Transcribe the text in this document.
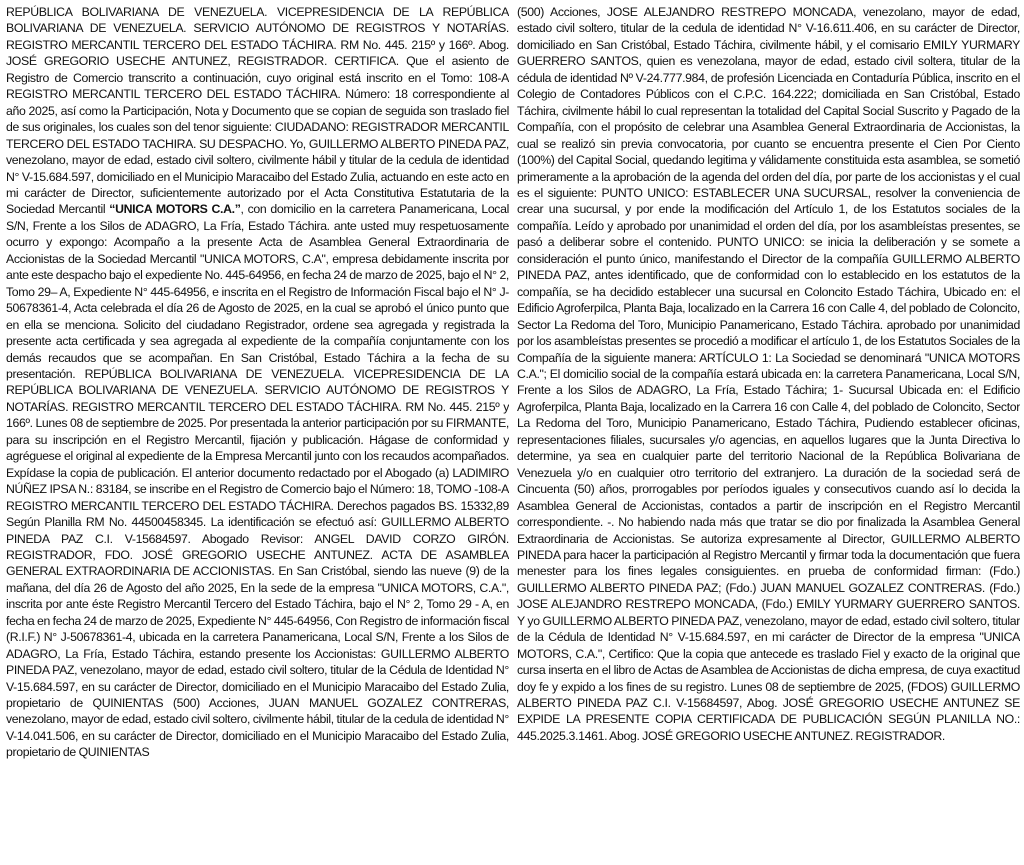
REPÚBLICA BOLIVARIANA DE VENEZUELA. VICEPRESIDENCIA DE LA REPÚBLICA BOLIVARIANA DE VENEZUELA. SERVICIO AUTÓNOMO DE REGISTROS Y NOTARÍAS. REGISTRO MERCANTIL TERCERO DEL ESTADO TÁCHIRA. RM No. 445. 215º y 166º. Abog. JOSÉ GREGORIO USECHE ANTUNEZ, REGISTRADOR. CERTIFICA. Que el asiento de Registro de Comercio transcrito a continuación, cuyo original está inscrito en el Tomo: 108-A REGISTRO MERCANTIL TERCERO DEL ESTADO TÁCHIRA. Número: 18 correspondiente al año 2025, así como la Participación, Nota y Documento que se copian de seguida son traslado fiel de sus originales, los cuales son del tenor siguiente: CIUDADANO: REGISTRADOR MERCANTIL TERCERO DEL ESTADO TACHIRA. SU DESPACHO. Yo, GUILLERMO ALBERTO PINEDA PAZ, venezolano, mayor de edad, estado civil soltero, civilmente hábil y titular de la cedula de identidad N° V-15.684.597, domiciliado en el Municipio Maracaibo del Estado Zulia, actuando en este acto en mi carácter de Director, suficientemente autorizado por el Acta Constitutiva Estatutaria de la Sociedad Mercantil

“UNICA MOTORS C.A.”

, con domicilio en la carretera Panamericana, Local S/N, Frente a los Silos de ADAGRO, La Fría, Estado Táchira. ante usted muy respetuosamente ocurro y expongo: Acompaño a la presente Acta de Asamblea General Extraordinaria de Accionistas de la Sociedad Mercantil "UNICA MOTORS, C.A", empresa debidamente inscrita por ante este despacho bajo el expediente No. 445-64956, en fecha 24 de marzo de 2025, bajo el N° 2, Tomo 29– A, Expediente N° 445-64956, e inscrita en el Registro de Información Fiscal bajo el N° J-50678361-4, Acta celebrada el día 26 de Agosto de 2025, en la cual se aprobó el único punto que en ella se menciona. Solicito del ciudadano Registrador, ordene sea agregada y registrada la presente acta certificada y sea agregada al expediente de la compañía conjuntamente con los demás recaudos que se acompañan. En San Cristóbal, Estado Táchira a la fecha de su presentación. REPÚBLICA BOLIVARIANA DE VENEZUELA. VICEPRESIDENCIA DE LA REPÚBLICA BOLIVARIANA DE VENEZUELA. SERVICIO AUTÓNOMO DE REGISTROS Y NOTARÍAS. REGISTRO MERCANTIL TERCERO DEL ESTADO TÁCHIRA. RM No. 445. 215º y 166º. Lunes 08 de septiembre de 2025. Por presentada la anterior participación por su FIRMANTE, para su inscripción en el Registro Mercantil, fijación y publicación. Hágase de conformidad y agréguese el original al expediente de la Empresa Mercantil junto con los recaudos acompañados. Expídase la copia de publicación. El anterior documento redactado por el Abogado (a) LADIMIRO NÚÑEZ IPSA N.: 83184, se inscribe en el Registro de Comercio bajo el Número: 18, TOMO -108-A REGISTRO MERCANTIL TERCERO DEL ESTADO TÁCHIRA. Derechos pagados BS. 15332,89 Según Planilla RM No. 44500458345. La identificación se efectuó así: GUILLERMO ALBERTO PINEDA PAZ C.I. V-15684597. Abogado Revisor: ANGEL DAVID CORZO GIRÓN. REGISTRADOR, FDO. JOSÉ GREGORIO USECHE ANTUNEZ. ACTA DE ASAMBLEA GENERAL EXTRAORDINARIA DE ACCIONISTAS. En San Cristóbal, siendo las nueve (9) de la mañana, del día 26 de Agosto del año 2025, En la sede de la empresa "UNICA MOTORS, C.A.", inscrita por ante éste Registro Mercantil Tercero del Estado Táchira, bajo el N° 2, Tomo 29 - A, en fecha en fecha 24 de marzo de 2025, Expediente N° 445-64956, Con Registro de información fiscal (R.I.F.) N° J-50678361-4, ubicada en la carretera Panamericana, Local S/N, Frente a los Silos de ADAGRO, La Fría, Estado Táchira, estando presente los Accionistas: GUILLERMO ALBERTO PINEDA PAZ, venezolano, mayor de edad, estado civil soltero, titular de la Cédula de Identidad N° V-15.684.597, en su carácter de Director, domiciliado en el Municipio Maracaibo del Estado Zulia, propietario de QUINIENTAS (500) Acciones, JUAN MANUEL GOZALEZ CONTRERAS, venezolano, mayor de edad, estado civil soltero, civilmente hábil, titular de la cedula de identidad N° V-14.041.506, en su carácter de Director, domiciliado en el Municipio Maracaibo del Estado Zulia, propietario de QUINIENTAS

(500) Acciones, JOSE ALEJANDRO RESTREPO MONCADA, venezolano, mayor de edad, estado civil soltero, titular de la cedula de identidad N° V-16.611.406, en su carácter de Director, domiciliado en San Cristóbal, Estado Táchira, civilmente hábil, y el comisario EMILY YURMARY GUERRERO SANTOS, quien es venezolana, mayor de edad, estado civil soltera, titular de la cédula de identidad Nº V-24.777.984, de profesión Licenciada en Contaduría Pública, inscrito en el Colegio de Contadores Públicos con el C.P.C. 164.222; domiciliada en San Cristóbal, Estado Táchira, civilmente hábil lo cual representan la totalidad del Capital Social Suscrito y Pagado de la Compañía, con el propósito de celebrar una Asamblea General Extraordinaria de Accionistas, la cual se realizó sin previa convocatoria, por cuanto se encuentra presente el Cien Por Ciento (100%) del Capital Social, quedando legitima y válidamente constituida esta asamblea, se sometió primeramente a la aprobación de la agenda del orden del día, por parte de los accionistas y el cual es el siguiente: PUNTO UNICO: ESTABLECER UNA SUCURSAL, resolver la conveniencia de crear una sucursal, y por ende la modificación del Artículo 1, de los Estatutos sociales de la compañía. Leído y aprobado por unanimidad el orden del día, por los asambleístas presentes, se pasó a deliberar sobre el contenido. PUNTO UNICO: se inicia la deliberación y se somete a consideración el punto único, manifestando el Director de la compañía GUILLERMO ALBERTO PINEDA PAZ, antes identificado, que de conformidad con lo establecido en los estatutos de la compañía, se ha decidido establecer una sucursal en Coloncito Estado Táchira, Ubicado en: el Edificio Agroferpilca, Planta Baja, localizado en la Carrera 16 con Calle 4, del poblado de Coloncito, Sector La Redoma del Toro, Municipio Panamericano, Estado Táchira. aprobado por unanimidad por los asambleístas presentes se procedió a modificar el artículo 1, de los Estatutos Sociales de la Compañía de la siguiente manera: ARTÍCULO 1: La Sociedad se denominará "UNICA MOTORS C.A."; El domicilio social de la compañía estará ubicada en: la carretera Panamericana, Local S/N, Frente a los Silos de ADAGRO, La Fría, Estado Táchira; 1- Sucursal Ubicada en: el Edificio Agroferpilca, Planta Baja, localizado en la Carrera 16 con Calle 4, del poblado de Coloncito, Sector La Redoma del Toro, Municipio Panamericano, Estado Táchira, Pudiendo establecer oficinas, representaciones filiales, sucursales y/o agencias, en aquellos lugares que la Junta Directiva lo determine, ya sea en cualquier parte del territorio Nacional de la República Bolivariana de Venezuela y/o en cualquier otro territorio del extranjero. La duración de la sociedad será de Cincuenta (50) años, prorrogables por períodos iguales y consecutivos cuando así lo decida la Asamblea General de Accionistas, contados a partir de inscripción en el Registro Mercantil correspondiente. -. No habiendo nada más que tratar se dio por finalizada la Asamblea General Extraordinaria de Accionistas. Se autoriza expresamente al Director, GUILLERMO ALBERTO PINEDA para hacer la participación al Registro Mercantil y firmar toda la documentación que fuera menester para los fines legales consiguientes. en prueba de conformidad firman: (Fdo.) GUILLERMO ALBERTO PINEDA PAZ; (Fdo.) JUAN MANUEL GOZALEZ CONTRERAS. (Fdo.) JOSE ALEJANDRO RESTREPO MONCADA, (Fdo.) EMILY YURMARY GUERRERO SANTOS. Y yo GUILLERMO ALBERTO PINEDA PAZ, venezolano, mayor de edad, estado civil soltero, titular de la Cédula de Identidad N° V-15.684.597, en mi carácter de Director de la empresa "UNICA MOTORS, C.A.", Certifico: Que la copia que antecede es traslado Fiel y exacto de la original que cursa inserta en el libro de Actas de Asamblea de Accionistas de dicha empresa, de cuya exactitud doy fe y expido a los fines de su registro. Lunes 08 de septiembre de 2025, (FDOS) GUILLERMO ALBERTO PINEDA PAZ C.I. V-15684597, Abog. JOSÉ GREGORIO USECHE ANTUNEZ SE EXPIDE LA PRESENTE COPIA CERTIFICADA DE PUBLICACIÓN SEGÚN PLANILLA NO.: 445.2025.3.1461. Abog. JOSÉ GREGORIO USECHE ANTUNEZ. REGISTRADOR.
